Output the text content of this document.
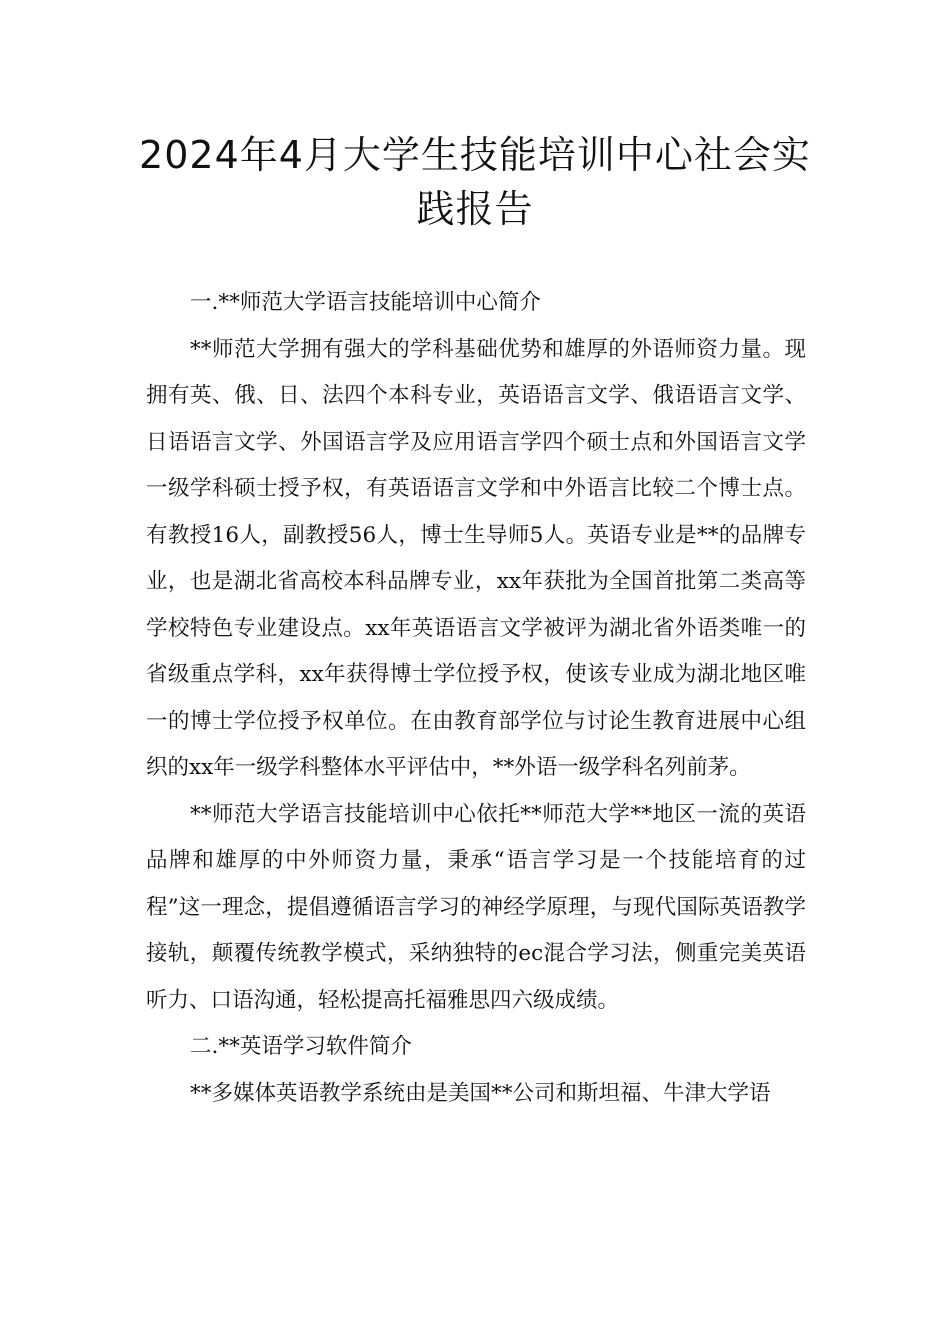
2024年4月大学生技能培训中心社会实践报告

一.**师范大学语言技能培训中心简介

**师范大学拥有强大的学科基础优势和雄厚的外语师资力量。现拥有英、俄、日、法四个本科专业，英语语言文学、俄语语言文学、日语语言文学、外国语言学及应用语言学四个硕士点和外国语言文学一级学科硕士授予权，有英语语言文学和中外语言比较二个博士点。有教授16人，副教授56人，博士生导师5人。英语专业是**的品牌专业，也是湖北省高校本科品牌专业，xx年获批为全国首批第二类高等学校特色专业建设点。xx年英语语言文学被评为湖北省外语类唯一的省级重点学科，xx年获得博士学位授予权，使该专业成为湖北地区唯一的博士学位授予权单位。在由教育部学位与讨论生教育进展中心组织的xx年一级学科整体水平评估中，**外语一级学科名列前茅。

**师范大学语言技能培训中心依托**师范大学**地区一流的英语品牌和雄厚的中外师资力量，秉承“语言学习是一个技能培育的过程”这一理念，提倡遵循语言学习的神经学原理，与现代国际英语教学接轨，颠覆传统教学模式，采纳独特的ec混合学习法，侧重完美英语听力、口语沟通，轻松提高托福雅思四六级成绩。

二.**英语学习软件简介

**多媒体英语教学系统由是美国**公司和斯坦福、牛津大学语
